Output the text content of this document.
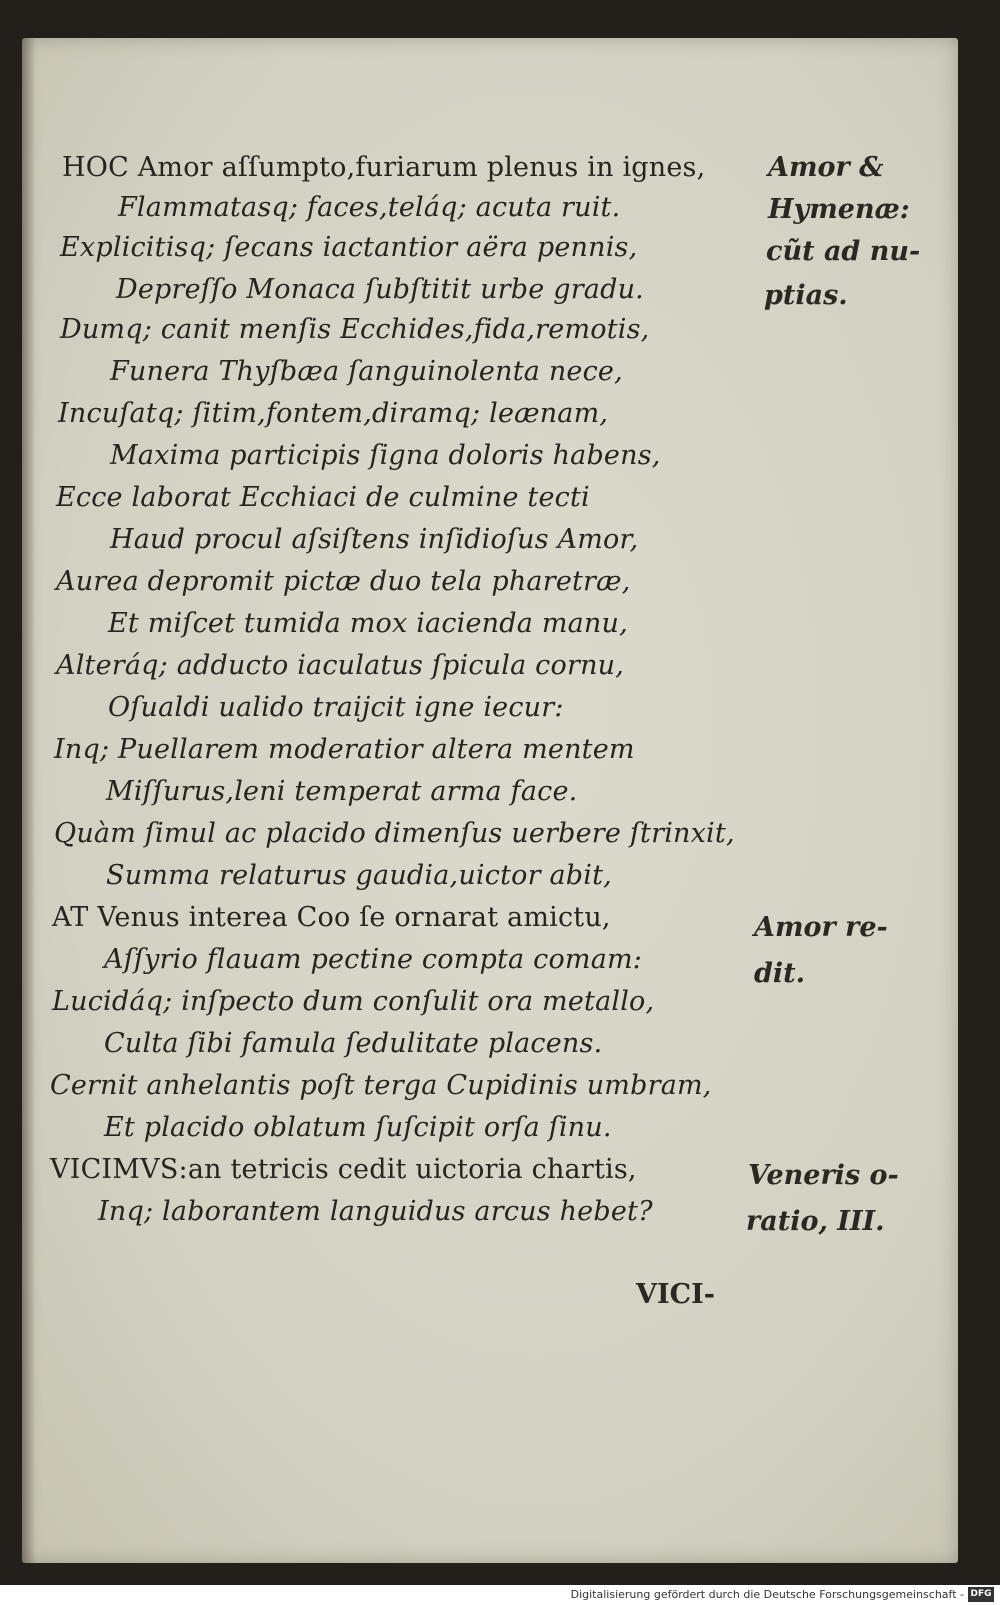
HOC Amor aſſumpto,furiarum plenus in ignes,
Flammatasq; faces,teláq; acuta ruit.
Explicitisq; ſecans iactantior aëra pennis,
Depreſſo Monaca ſubſtitit urbe gradu.
Dumq; canit menſis Ecchides,fida,remotis,
Funera Thyſbæa ſanguinolenta nece,
Incuſatq; ſitim,fontem,diramq; leænam,
Maxima participis ſigna doloris habens,
Ecce laborat Ecchiaci de culmine tecti
Haud procul aſsiſtens inſidioſus Amor,
Aurea depromit pictæ duo tela pharetræ,
Et miſcet tumida mox iacienda manu,
Alteráq; adducto iaculatus ſpicula cornu,
Oſualdi ualido traijcit igne iecur:
Inq; Puellarem moderatior altera mentem
Miſſurus,leni temperat arma face.
Quàm ſimul ac placido dimenſus uerbere ſtrinxit,
Summa relaturus gaudia,uictor abit,
AT Venus interea Coo ſe ornarat amictu,
Aſſyrio flauam pectine compta comam:
Lucidáq; inſpecto dum conſulit ora metallo,
Culta ſibi famula ſedulitate placens.
Cernit anhelantis poſt terga Cupidinis umbram,
Et placido oblatum ſuſcipit orſa ſinu.
VICIMVS:an tetricis cedit uictoria chartis,
Inq; laborantem languidus arcus hebet?
Amor &
Hymenæ:
cũt ad nu-
ptias.
Amor re-
dit.
Veneris o-
ratio, III.
VICI-
Digitalisierung gefördert durch die Deutsche Forschungsgemeinschaft - DFG
